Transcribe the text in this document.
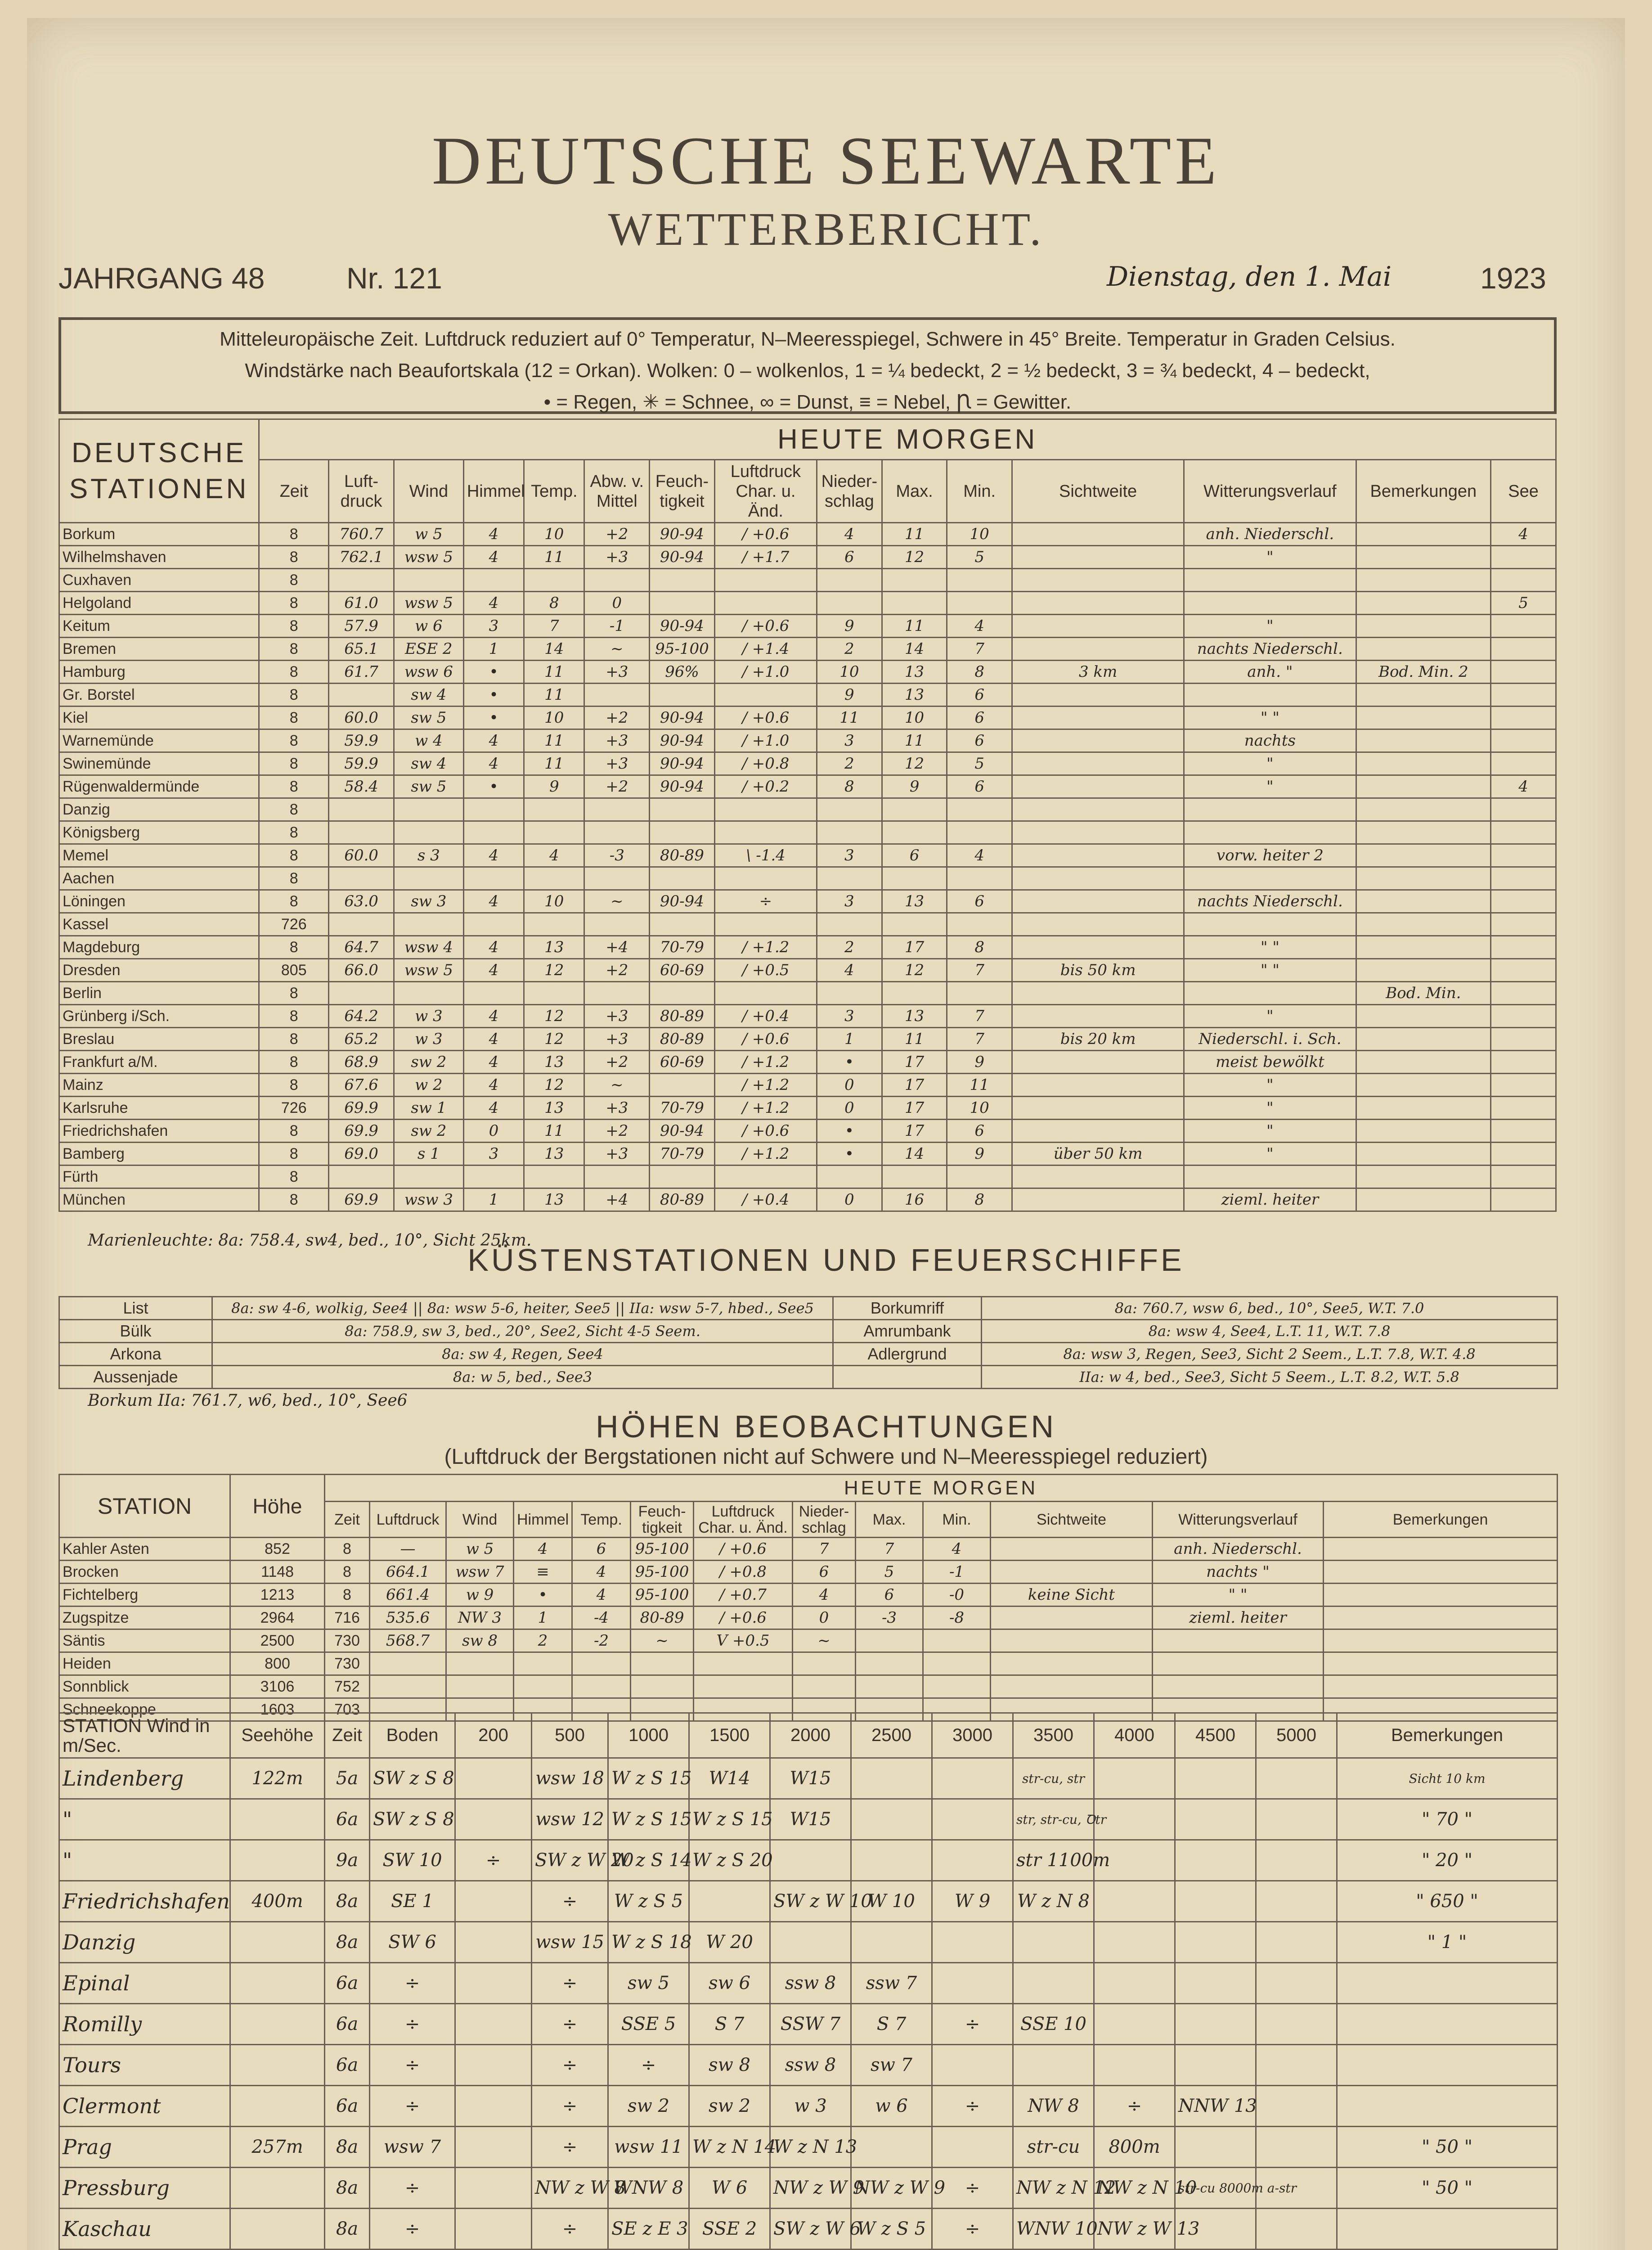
DEUTSCHE SEEWARTE
WETTERBERICHT.
JAHRGANG 48	Nr. 121	Dienstag, den 1. Mai	1923
Mitteleuropäische Zeit. Luftdruck reduziert auf 0° Temperatur, N–Meeresspiegel, Schwere in 45° Breite. Temperatur in Graden Celsius.
Windstärke nach Beaufortskala (12 = Orkan). Wolken: 0 – wolkenlos, 1 = ¼ bedeckt, 2 = ½ bedeckt, 3 = ¾ bedeckt, 4 – bedeckt,
• = Regen, ✳ = Schnee, ∞ = Dunst, ≡ = Nebel, Ꞃ = Gewitter.
DEUTSCHE STATIONEN	HEUTE MORGEN														
	Zeit	Luft-druck	Wind	Himmel	Temp.	Abw. v. Mittel	Feuch-tigkeit	Luftdruck Char. u. Änd.	Nieder-schlag	Max.	Min.	Sichtweite	Witterungsverlauf	Bemerkungen	See
Borkum	8	760.7	w 5	4	10	+2	90-94	/ +0.6	4	11	10		anh. Niederschl.		4
Wilhelmshaven	8	762.1	wsw 5	4	11	+3	90-94	/ +1.7	6	12	5		"		
Cuxhaven	8														
Helgoland	8	61.0	wsw 5	4	8	0									5
Keitum	8	57.9	w 6	3	7	-1	90-94	/ +0.6	9	11	4		"		
Bremen	8	65.1	ESE 2	1	14	~	95-100	/ +1.4	2	14	7		nachts Niederschl.		
Hamburg	8	61.7	wsw 6	•	11	+3	96%	/ +1.0	10	13	8	3 km	anh. "	Bod. Min. 2	
Gr. Borstel	8		sw 4	•	11				9	13	6				
Kiel	8	60.0	sw 5	•	10	+2	90-94	/ +0.6	11	10	6		" "		
Warnemünde	8	59.9	w 4	4	11	+3	90-94	/ +1.0	3	11	6		nachts		
Swinemünde	8	59.9	sw 4	4	11	+3	90-94	/ +0.8	2	12	5		"		
Rügenwaldermünde	8	58.4	sw 5	•	9	+2	90-94	/ +0.2	8	9	6		"		4
Danzig	8														
Königsberg	8														
Memel	8	60.0	s 3	4	4	-3	80-89	\ -1.4	3	6	4		vorw. heiter 2		
Aachen	8														
Löningen	8	63.0	sw 3	4	10	~	90-94	÷	3	13	6		nachts Niederschl.		
Kassel	726														
Magdeburg	8	64.7	wsw 4	4	13	+4	70-79	/ +1.2	2	17	8		" "		
Dresden	805	66.0	wsw 5	4	12	+2	60-69	/ +0.5	4	12	7	bis 50 km	" "		
Berlin	8													Bod. Min.	
Grünberg i/Sch.	8	64.2	w 3	4	12	+3	80-89	/ +0.4	3	13	7		"		
Breslau	8	65.2	w 3	4	12	+3	80-89	/ +0.6	1	11	7	bis 20 km	Niederschl. i. Sch.		
Frankfurt a/M.	8	68.9	sw 2	4	13	+2	60-69	/ +1.2	•	17	9		meist bewölkt		
Mainz	8	67.6	w 2	4	12	~		/ +1.2	0	17	11		"		
Karlsruhe	726	69.9	sw 1	4	13	+3	70-79	/ +1.2	0	17	10		"		
Friedrichshafen	8	69.9	sw 2	0	11	+2	90-94	/ +0.6	•	17	6		"		
Bamberg	8	69.0	s 1	3	13	+3	70-79	/ +1.2	•	14	9	über 50 km	"		
Fürth	8														
München	8	69.9	wsw 3	1	13	+4	80-89	/ +0.4	0	16	8		zieml. heiter		
Marienleuchte: 8a: 758.4, sw4, bed., 10°, Sicht 25km.
KÜSTENSTATIONEN UND FEUERSCHIFFE
List	8a: sw 4-6, wolkig, See4 || 8a: wsw 5-6, heiter, See5 || IIa: wsw 5-7, hbed., See5	Borkumriff	8a: 760.7, wsw 6, bed., 10°, See5, W.T. 7.0
Bülk	8a: 758.9, sw 3, bed., 20°, See2, Sicht 4-5 Seem.	Amrumbank	8a: wsw 4, See4, L.T. 11, W.T. 7.8
Arkona	8a: sw 4, Regen, See4	Adlergrund	8a: wsw 3, Regen, See3, Sicht 2 Seem., L.T. 7.8, W.T. 4.8
Aussenjade	8a: w 5, bed., See3		IIa: w 4, bed., See3, Sicht 5 Seem., L.T. 8.2, W.T. 5.8
Borkum IIa: 761.7, w6, bed., 10°, See6
HÖHEN BEOBACHTUNGEN
(Luftdruck der Bergstationen nicht auf Schwere und N–Meeresspiegel reduziert)
STATION	Höhe	HEUTE MORGEN												
		Zeit	Luftdruck	Wind	Himmel	Temp.	Feuch-tigkeit	Luftdruck Char. u. Änd.	Nieder-schlag	Max.	Min.	Sichtweite	Witterungsverlauf	Bemerkungen
Kahler Asten	852	8	—	w 5	4	6	95-100	/ +0.6	7	7	4		anh. Niederschl.	
Brocken	1148	8	664.1	wsw 7	≡	4	95-100	/ +0.8	6	5	-1		nachts "	
Fichtelberg	1213	8	661.4	w 9	•	4	95-100	/ +0.7	4	6	-0	keine Sicht	" "	
Zugspitze	2964	716	535.6	NW 3	1	-4	80-89	/ +0.6	0	-3	-8		zieml. heiter	
Säntis	2500	730	568.7	sw 8	2	-2	~	V +0.5	~					
Heiden	800	730												
Sonnblick	3106	752												
Schneekoppe	1603	703												
STATION Wind in m/Sec.	Seehöhe	Zeit	Boden	200	500	1000	1500	2000	2500	3000	3500	4000	4500	5000	Bemerkungen
Lindenberg	122m	5a	SW z S 8		wsw 18	W z S 15	W14	W15			str-cu, str				Sicht 10 km
"		6a	SW z S 8		wsw 12	W z S 15	W z S 15	W15			str, str-cu, Ꝺtr				" 70 "
"		9a	SW 10	÷	SW z W 20	W z S 14	W z S 20				str 1100m				" 20 "
Friedrichshafen	400m	8a	SE 1		÷	W z S 5		SW z W 10	W 10	W 9	W z N 8				" 650 "
Danzig		8a	SW 6		wsw 15	W z S 18	W 20								" 1 "
Epinal		6a	÷		÷	sw 5	sw 6	ssw 8	ssw 7						
Romilly		6a	÷		÷	SSE 5	S 7	SSW 7	S 7	÷	SSE 10				
Tours		6a	÷		÷	÷	sw 8	ssw 8	sw 7						
Clermont		6a	÷		÷	sw 2	sw 2	w 3	w 6	÷	NW 8	÷	NNW 13		
Prag	257m	8a	wsw 7		÷	wsw 11	W z N 14	W z N 13			str-cu	800m			" 50 "
Pressburg		8a	÷		NW z W 8	WNW 8	W 6	NW z W 9	NW z W 9	÷	NW z N 12	NW z N 10	str-cu 8000m a-str		" 50 "
Kaschau		8a	÷		÷	SE z E 3	SSE 2	SW z W 6	W z S 5	÷	WNW 10	NW z W 13			
